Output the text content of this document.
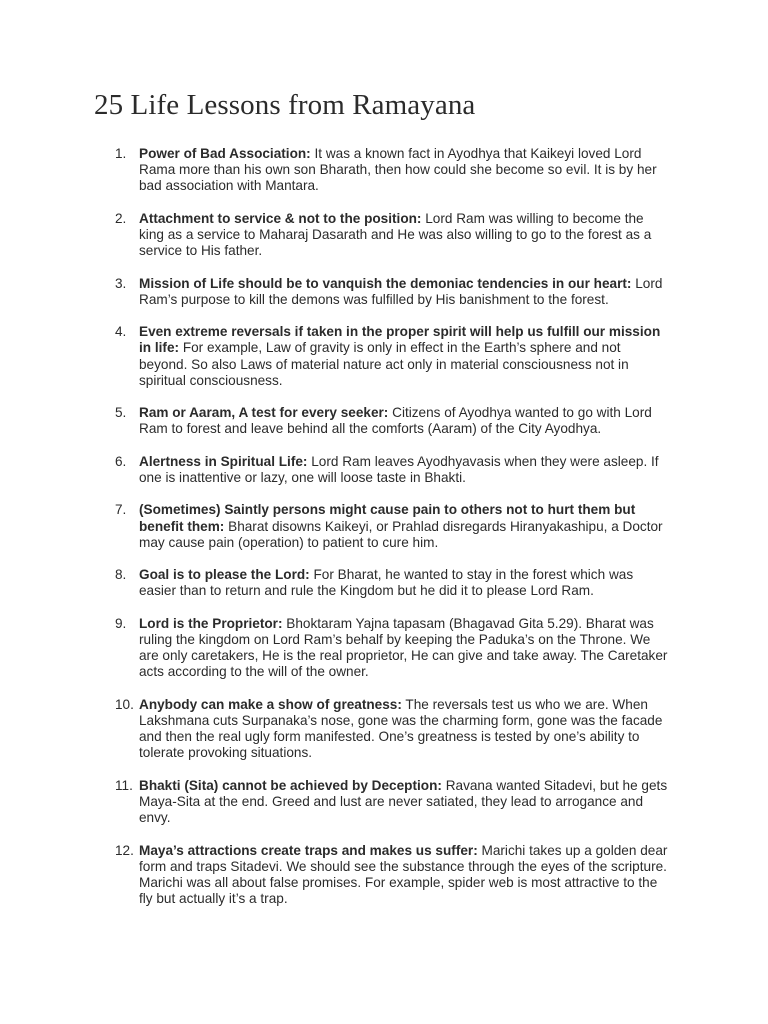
25 Life Lessons from Ramayana
1. Power of Bad Association: It was a known fact in Ayodhya that Kaikeyi loved Lord Rama more than his own son Bharath, then how could she become so evil. It is by her bad association with Mantara.
2. Attachment to service & not to the position: Lord Ram was willing to become the king as a service to Maharaj Dasarath and He was also willing to go to the forest as a service to His father.
3. Mission of Life should be to vanquish the demoniac tendencies in our heart: Lord Ram’s purpose to kill the demons was fulfilled by His banishment to the forest.
4. Even extreme reversals if taken in the proper spirit will help us fulfill our mission in life: For example, Law of gravity is only in effect in the Earth’s sphere and not beyond. So also Laws of material nature act only in material consciousness not in spiritual consciousness.
5. Ram or Aaram, A test for every seeker: Citizens of Ayodhya wanted to go with Lord Ram to forest and leave behind all the comforts (Aaram) of the City Ayodhya.
6. Alertness in Spiritual Life: Lord Ram leaves Ayodhyavasis when they were asleep. If one is inattentive or lazy, one will loose taste in Bhakti.
7. (Sometimes) Saintly persons might cause pain to others not to hurt them but benefit them: Bharat disowns Kaikeyi, or Prahlad disregards Hiranyakashipu, a Doctor may cause pain (operation) to patient to cure him.
8. Goal is to please the Lord: For Bharat, he wanted to stay in the forest which was easier than to return and rule the Kingdom but he did it to please Lord Ram.
9. Lord is the Proprietor: Bhoktaram Yajna tapasam (Bhagavad Gita 5.29). Bharat was ruling the kingdom on Lord Ram’s behalf by keeping the Paduka’s on the Throne. We are only caretakers, He is the real proprietor, He can give and take away. The Caretaker acts according to the will of the owner.
10. Anybody can make a show of greatness: The reversals test us who we are. When Lakshmana cuts Surpanaka’s nose, gone was the charming form, gone was the facade and then the real ugly form manifested. One’s greatness is tested by one’s ability to tolerate provoking situations.
11. Bhakti (Sita) cannot be achieved by Deception: Ravana wanted Sitadevi, but he gets Maya-Sita at the end. Greed and lust are never satiated, they lead to arrogance and envy.
12. Maya’s attractions create traps and makes us suffer: Marichi takes up a golden dear form and traps Sitadevi. We should see the substance through the eyes of the scripture. Marichi was all about false promises. For example, spider web is most attractive to the fly but actually it’s a trap.
